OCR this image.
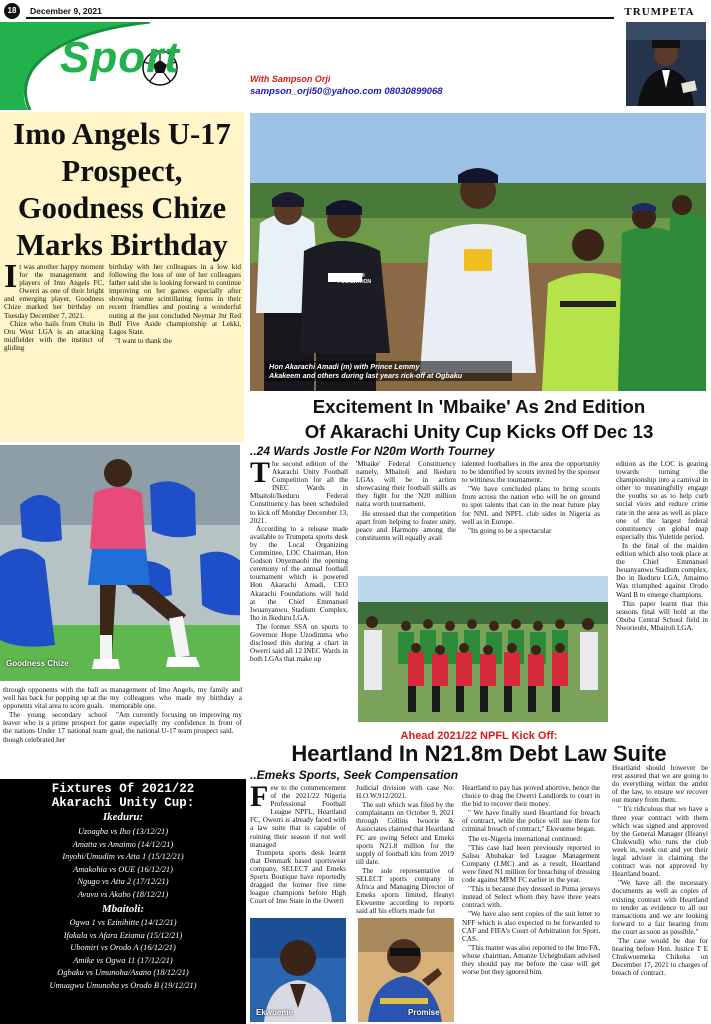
18	December 9, 2021	TRUMPETA
Sport	With Sampson Orji
sampson_orji50@yahoo.com 08030899068
Imo Angels U-17 Prospect, Goodness Chize Marks Birthday
I t was another happy moment for the management and players of Imo Angels FC, Owerri as one of their bright and emerging player, Goodness Chize marked her birthday on Tuesday December 7, 2021.

Chize who hails from Otulu in Oru West LGA is an attacking midfielder with the instinct of gliding

birthday with her colleagues in a low kid following the loss of one of her colleagues father said she is looking forward to continue improving on her games especially after showing some scintillating forms in their recent friendlies and posting a wonderful outing at the just concluded Neymar Jnr Red Bull Five Aside championship at Lekki, Lagos State.

"I want to thank the

Goodness Chize

through opponents with the ball as well has back for popping up at the opponents vital area to score goals.

The young secondary school leaver who is a prime prospect for the nations Under 17 national team though celebrated her

management of Imo Angels, my family and my colleagues who made my birthday a memorable one.

"Am currently focusing on improving my game especially my confidence in front of goal, the national U-17 team prospect said.

Fixtures Of 2021/22
Akarachi Unity Cup:
Ikeduru:
Uzoagba vs Iho (13/12/21)
Amatta vs Amaimo (14/12/21)
Inyohi/Umudim vs Atta 1 (15/12/21)
Amakohia vs OUE (16/12/21)
Ngugo vs Atta 2 (17/12/21)
Avuvu vs Akabo (18/12/21)
Mbaitoli:
Ogwa 1 vs Ezinihitte (14/12/21)
Ifakala vs Afara Eziama (15/12/21)
Ubomiri vs Orodo A (16/12/21)
Amike vs Ogwa 11 (17/12/21)
Ogbaku vs Umunoha/Asano (18/12/21)
Umuagwu Umunoha vs Orodo B (19/12/21)
AKARACHI FOUNDATION
Hon Akarachi Amadi (m) with Prince Lemmy
Akakeem and others during last years rick-off at Ogbaku
Excitement In 'Mbaike' As 2nd Edition
Of Akarachi Unity Cup Kicks Off Dec 13
..24 Wards Jostle For N20m Worth Tourney
T he second edition of the Akarachi Unity Football Competition for all the INEC Wards in Mbaitoli/Ikeduru Federal Constituency has been scheduled to kick off Monday December 13, 2021.

According to a release made available to Trumpeta sports desk by the Local Organizing Committee, LOC Chairman, Hon Godson Onyemaobi the opening ceremony of the annual football tournament which is powered Hon Akarachi Amadi, CEO Akarachi Foundations will hold at the Chief Emmanuel Iwuanyanwu Stadium Complex, Iho in Ikeduru LGA.

The former SSA on sports to Governor Hope Uzodimma who disclosed this during a chart in Owerri said all 12 INEC Wards in both LGAs that make up

'Mbaike' Federal Constituency namely, Mbaitoli and Ikeduru LGAs will be in action showcasing their football skills as they fight for the N20 million naira worth tournament.

He stressed that the competition apart from helping to foster unity, peace and Harmony among the constituents will equally avail

talented footballers in the area the opportunity to be identified by scouts invited by the sponsor to wittiness the tournament.

"We have concluded plans to bring scouts from across the nation who will be on ground to spot talents that can in the near future play for NNL and NPFL club sides in Nigeria as well as in Europe.

"Its going to be a spectacular

edition as the LOC is gearing towards turning the championship into a carnival in other to meaningfully engage the youths so as to help curb social vices and reduce crime rate in the area as well as place one of the largest federal constituency on global map especially this Yuletide period.

In the final of the maiden edition which also took place at the Chief Emmanuel Iwuanyanwu Stadium complex, Iho in Ikeduru LGA, Amaimo Was triumphed against Orodo Ward B to emerge champions.

This paper learnt that this seasons final will hold at the Obuba Central School field in Nworieubi, Mbaitoli LGA.

Ahead 2021/22 NPFL Kick Off:
Heartland In N21.8m Debt Law Suite
..Emeks Sports, Seek Compensation
F ew to the commencement of the 2021/22 Nigeria Professional Football League NPFL, Heartland FC, Owerri is already faced with a law suite that is capable of ruining their season if not well managed

Trumpeta sports desk learnt that Denmark based sportswear company, SELECT and Emeks Sports Boutique have reportedly dragged the former five time league champions before High Court of Imo State in the Owerri

Judicial division with case No: H.O.W.912/2021.

The suit which was filed by the complainants on October 9, 2021 through Collins Iwuorie & Associates claimed that Heartland FC are owing Select and Emeks sports N21.8 million for the supply of football kits from 2019 till date.

The sole representative of SELECT sports company in Africa and Managing Director of Emeks sports limited, Ifeanyi Ekwueme according to reports said all his efforts made for

Heartland to pay has proved abortive, hence the choice to drag the Owerri Landlords to court in the bid to recover their money.

" We have finally sued Heartland for breach of contract, while the police will sue them for criminal breach of contract," Ekwueme began.

The ex-Nigeria international continued:

"This case had been previously reported to Salisu Abubakar led League Management Company (LMC) and as a result, Heartland were fined N1 million for breaching of dressing code against MFM FC earlier in the year.

"This is because they dressed in Puma jerseys instead of Select whom they have three years contract with.

"We have also sent copies of the suit letter to NFF which is also expected to be forwarded to CAF and FIFA's Court of Arbitration for Sport, CAS.

"This matter was also reported to the Imo FA, whose chairman, Amanze Uchegbulam advised they should pay me before the case will get worse but they ignored him.

Heartland should however be rest assured that we are going to do everything within the ambit of the law, to ensure we recover our money from them.

" It's ridiculous that we have a three year contract with them which was signed and approved by the General Manager (Ifeanyi Chukwudi) who runs the club week in, week out and yet their legal adviser is claiming the contract was not approved by Heartland board.

"We have all the necessary documents as well as copies of existing contract with Heartland to tender as evidence to all our transactions and we are looking forward to a fair hearing from the court as soon as possible."

The case would be due for hearing before Hon. Justice T E Chukwuemeka Chikeka on December 17, 2021 to charges of breach of contract.

Ekwueme	Promise
